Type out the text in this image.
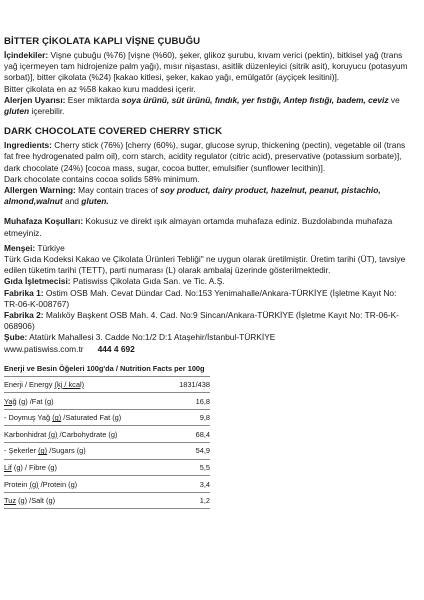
BİTTER ÇİKOLATA KAPLI VİŞNE ÇUBUĞU

İçindekiler: Vişne çubuğu (%76) [vişne (%60), şeker, glikoz şurubu, kıvam verici (pektin), bitkisel yağ (trans yağ içermeyen tam hidrojenize palm yağı), mısır nişastası, asitlik düzenleyici (sitrik asit), koruyucu (potasyum sorbat)], bitter çikolata (%24) [kakao kitlesi, şeker, kakao yağı, emülgatör (ayçiçek lesitini)].

Bitter çikolata en az %58 kakao kuru maddesi içerir.

Alerjen Uyarısı: Eser miktarda soya ürünü, süt ürünü, fındık, yer fıstığı, Antep fıstığı, badem, ceviz ve gluten içerebilir.

DARK CHOCOLATE COVERED CHERRY STICK

Ingredients: Cherry stick (76%) [cherry (60%), sugar, glucose syrup, thickening (pectin), vegetable oil (trans fat free hydrogenated palm oil), corn starch, acidity regulator (citric acid), preservative (potassium sorbate)], dark chocolate (24%) [cocoa mass, sugar, cocoa butter, emulsifier (sunflower lecithin)].

Dark chocolate contains cocoa solids 58% minimum.

Allergen Warning: May contain traces of soy product, dairy product, hazelnut, peanut, pistachio, almond,walnut and gluten.

Muhafaza Koşulları: Kokusuz ve direkt ışık almayan ortamda muhafaza ediniz. Buzdolabında muhafaza etmeyiniz.

Menşei: Türkiye

Türk Gıda Kodeksi Kakao ve Çikolata Ürünleri Tebliği" ne uygun olarak üretilmiştir. Üretim tarihi (ÜT), tavsiye edilen tüketim tarihi (TETT), parti numarası (L) olarak ambalaj üzerinde gösterilmektedir.

Gıda İşletmecisi: Patiswiss Çikolata Gıda San. ve Tic. A.Ş.

Fabrika 1: Ostim OSB Mah. Cevat Dündar Cad. No:153 Yenimahalle/Ankara-TÜRKİYE (İşletme Kayıt No: TR-06-K-008767)

Fabrika 2: Malıköy Başkent OSB Mah. 4. Cad. No:9 Sincan/Ankara-TÜRKİYE (İşletme Kayıt No: TR-06-K-068906)

Şube: Atatürk Mahallesi 3. Cadde No:1/2 D:1 Ataşehir/İstanbul-TÜRKİYE

www.patiswiss.com.tr 444 4 692
Enerji ve Besin Öğeleri 100g'da / Nutrition Facts per 100g	
Enerji / Energy (kj / kcal)	1831/438
Yağ (g) /Fat (g)	16,8
- Doymuş Yağ (g) /Saturated Fat (g)	9,8
Karbonhidrat (g) /Carbohydrate (g)	68,4
- Şekerler (g) /Sugars (g)	54,9
Lif (g) / Fibre (g)	5,5
Protein (g) /Protein (g)	3,4
Tuz (g) /Salt (g)	1,2
